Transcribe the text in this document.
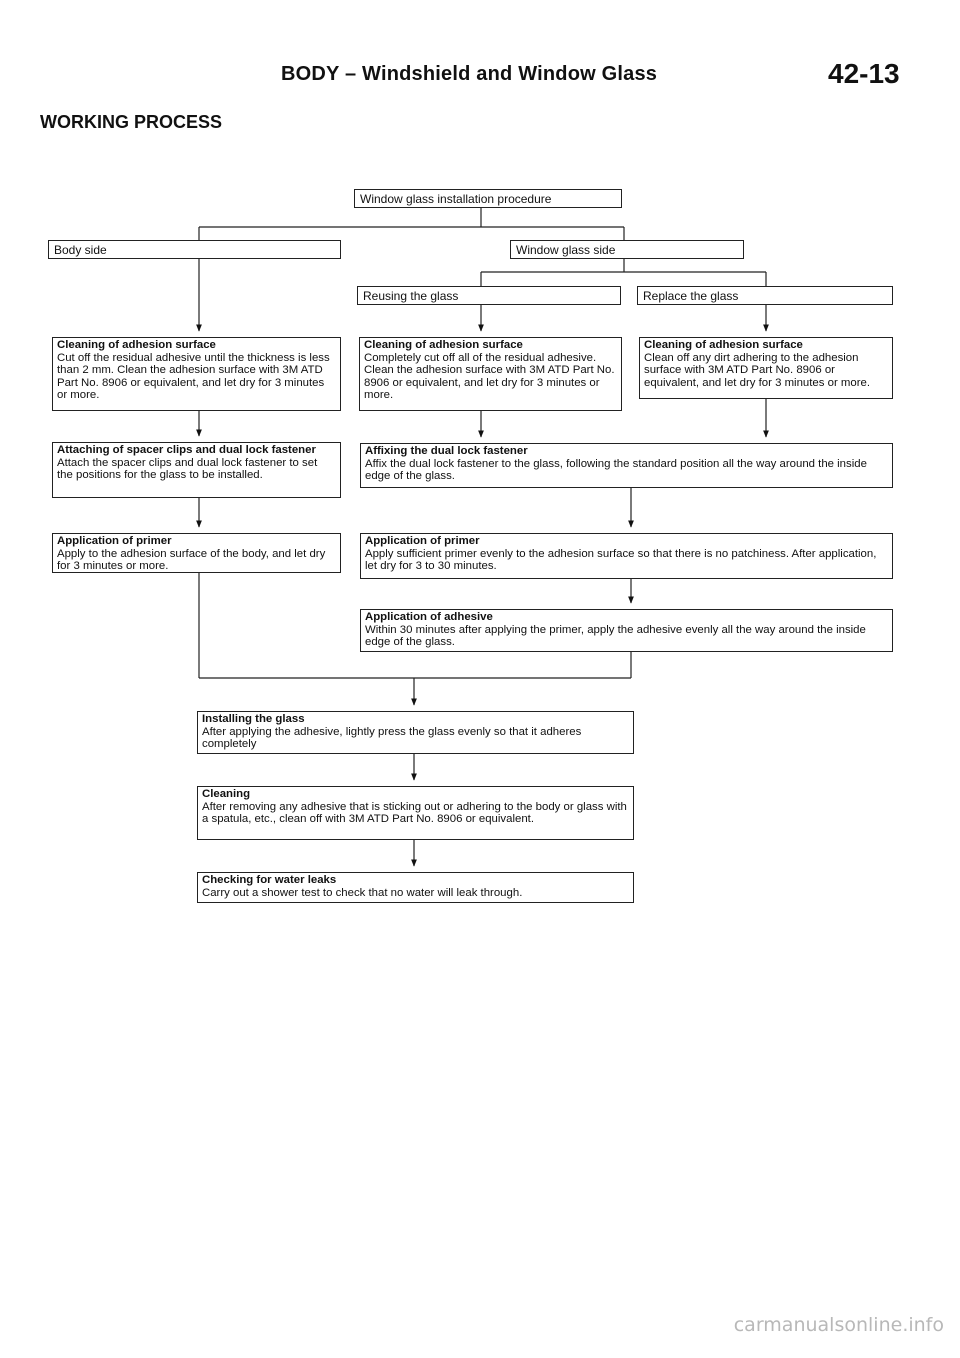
BODY – Windshield and Window Glass	42-13
WORKING PROCESS
Window glass installation procedure
Body side	Window glass side
Reusing the glass	Replace the glass
Cleaning of adhesion surface
Cut off the residual adhesive until the thickness is less than 2 mm. Clean the adhesion surface with 3M ATD Part No. 8906 or equivalent, and let dry for 3 minutes or more.
Attaching of spacer clips and dual lock fastener
Attach the spacer clips and dual lock fastener to set the positions for the glass to be installed.
Application of primer
Apply to the adhesion surface of the body, and let dry for 3 minutes or more.
Cleaning of adhesion surface
Completely cut off all of the residual adhesive. Clean the adhesion surface with 3M ATD Part No. 8906 or equivalent, and let dry for 3 minutes or more.
Cleaning of adhesion surface
Clean off any dirt adhering to the adhesion surface with 3M ATD Part No. 8906 or equivalent, and let dry for 3 minutes or more.
Affixing the dual lock fastener
Affix the dual lock fastener to the glass, following the standard position all the way around the inside edge of the glass.
Application of primer
Apply sufficient primer evenly to the adhesion surface so that there is no patchiness. After application, let dry for 3 to 30 minutes.
Application of adhesive
Within 30 minutes after applying the primer, apply the adhesive evenly all the way around the inside edge of the glass.
Installing the glass
After applying the adhesive, lightly press the glass evenly so that it adheres completely
Cleaning
After removing any adhesive that is sticking out or adhering to the body or glass with a spatula, etc., clean off with 3M ATD Part No. 8906 or equivalent.
Checking for water leaks
Carry out a shower test to check that no water will leak through.
carmanualsonline.info
